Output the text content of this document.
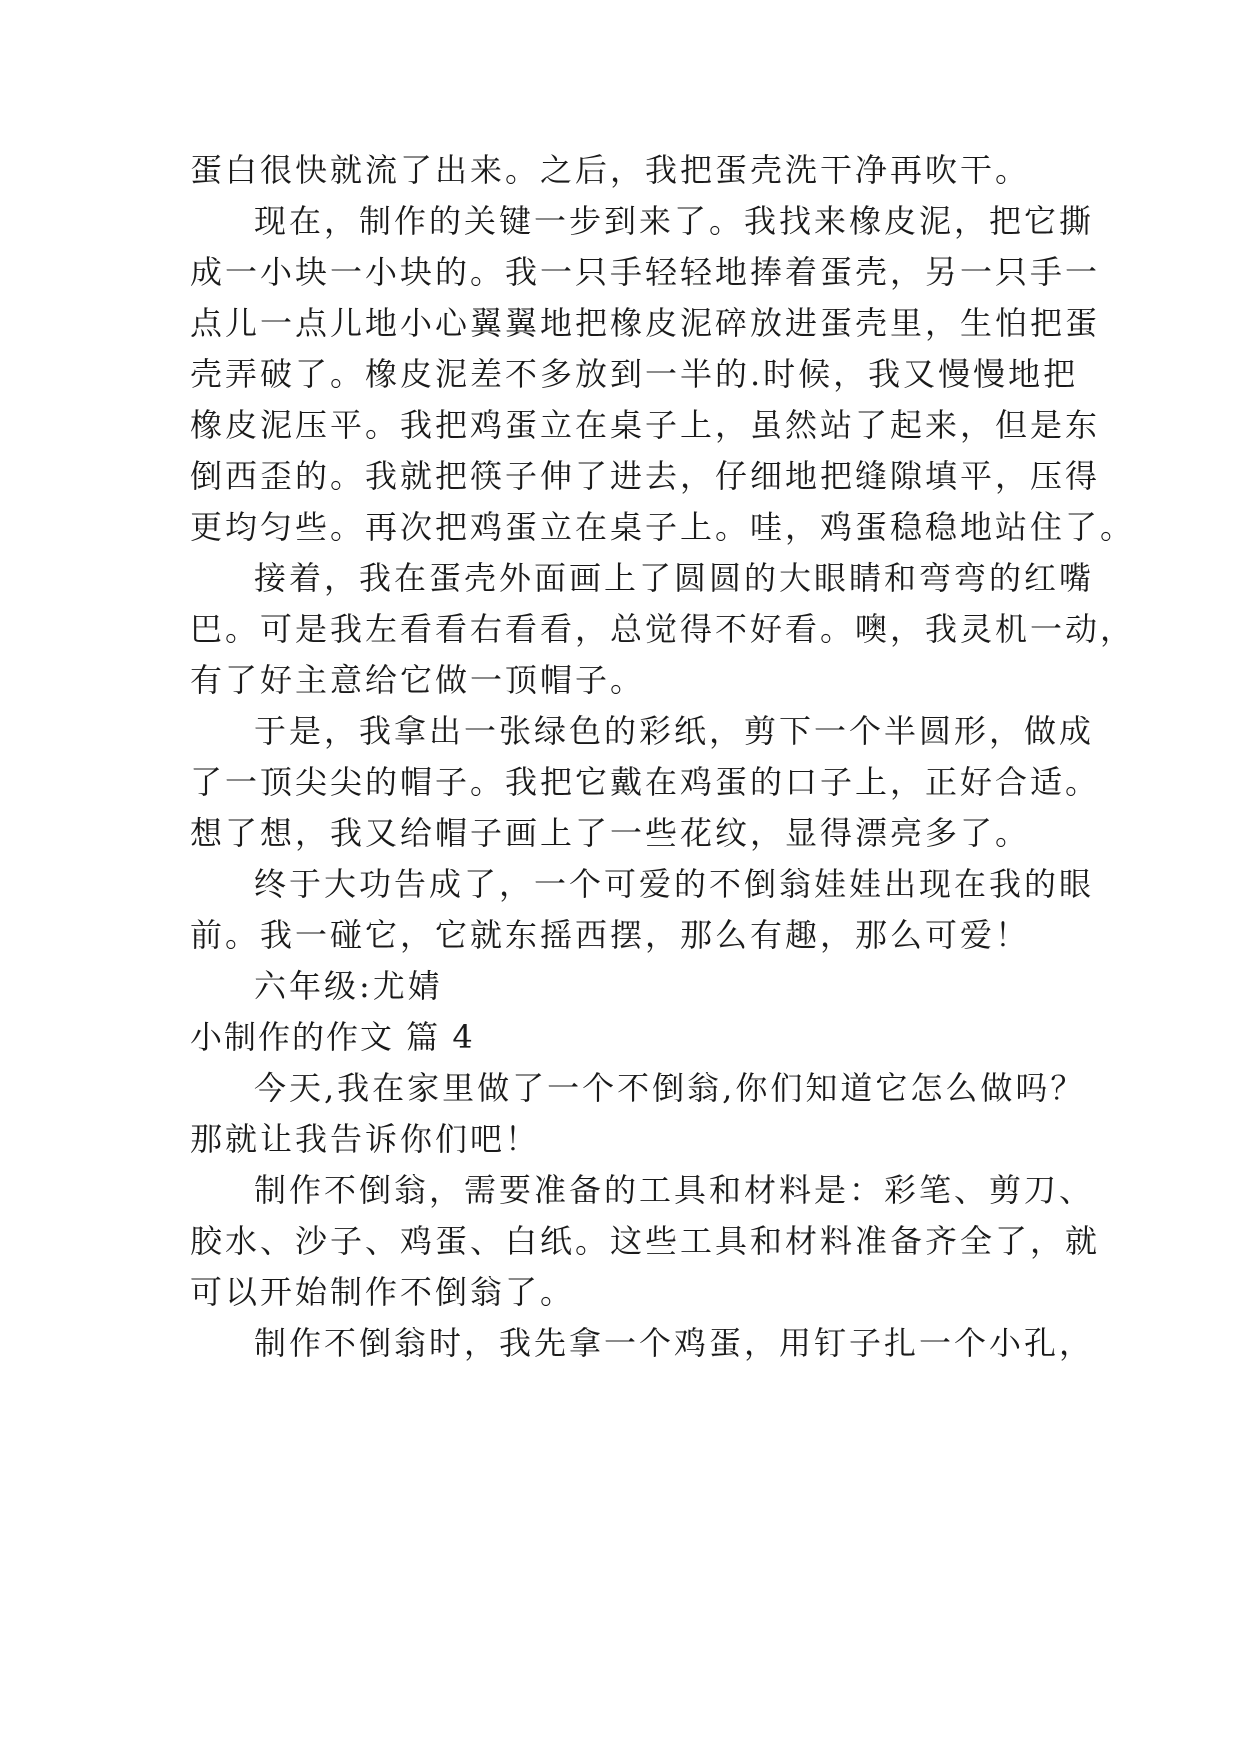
蛋白很快就流了出来。之后，我把蛋壳洗干净再吹干。
现在，制作的关键一步到来了。我找来橡皮泥，把它撕
成一小块一小块的。我一只手轻轻地捧着蛋壳，另一只手一
点儿一点儿地小心翼翼地把橡皮泥碎放进蛋壳里，生怕把蛋
壳弄破了。橡皮泥差不多放到一半的.时候，我又慢慢地把
橡皮泥压平。我把鸡蛋立在桌子上，虽然站了起来，但是东
倒西歪的。我就把筷子伸了进去，仔细地把缝隙填平，压得
更均匀些。再次把鸡蛋立在桌子上。哇，鸡蛋稳稳地站住了。
接着，我在蛋壳外面画上了圆圆的大眼睛和弯弯的红嘴
巴。可是我左看看右看看，总觉得不好看。噢，我灵机一动，
有了好主意给它做一顶帽子。
于是，我拿出一张绿色的彩纸，剪下一个半圆形，做成
了一顶尖尖的帽子。我把它戴在鸡蛋的口子上，正好合适。
想了想，我又给帽子画上了一些花纹，显得漂亮多了。
终于大功告成了，一个可爱的不倒翁娃娃出现在我的眼
前。我一碰它，它就东摇西摆，那么有趣，那么可爱！
六年级:尤婧
小制作的作文 篇 4
今天,我在家里做了一个不倒翁,你们知道它怎么做吗？
那就让我告诉你们吧！
制作不倒翁，需要准备的工具和材料是：彩笔、剪刀、
胶水、沙子、鸡蛋、白纸。这些工具和材料准备齐全了，就
可以开始制作不倒翁了。
制作不倒翁时，我先拿一个鸡蛋，用钉子扎一个小孔，
